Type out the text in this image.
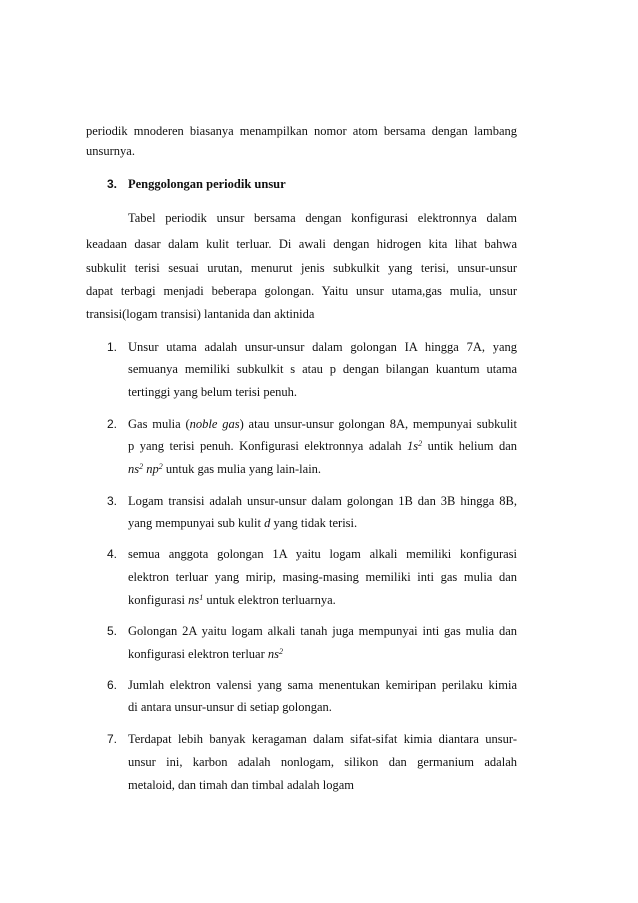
periodik mnoderen biasanya menampilkan nomor atom bersama dengan lambang
unsurnya.
3. Penggolongan periodik unsur
Tabel periodik unsur bersama dengan konfigurasi elektronnya dalam
keadaan dasar dalam kulit terluar. Di awali dengan hidrogen kita lihat bahwa
subkulit terisi sesuai urutan, menurut jenis subkulkit yang terisi, unsur-unsur
dapat terbagi menjadi beberapa golongan. Yaitu unsur utama,gas mulia, unsur
transisi(logam transisi) lantanida dan aktinida
1. Unsur utama adalah unsur-unsur dalam golongan IA hingga 7A, yang
semuanya memiliki subkulkit s atau p dengan bilangan kuantum utama
tertinggi yang belum terisi penuh.
2. Gas mulia (noble gas) atau unsur-unsur golongan 8A, mempunyai subkulit
p yang terisi penuh. Konfigurasi elektronnya adalah $1s^2$ untik helium dan
$ns^2$ $np^2$ untuk gas mulia yang lain-lain.
3. Logam transisi adalah unsur-unsur dalam golongan 1B dan 3B hingga 8B,
yang mempunyai sub kulit d yang tidak terisi.
4. semua anggota golongan 1A yaitu logam alkali memiliki konfigurasi
elektron terluar yang mirip, masing-masing memiliki inti gas mulia dan
konfigurasi $ns^1$ untuk elektron terluarnya.
5. Golongan 2A yaitu logam alkali tanah juga mempunyai inti gas mulia dan
konfigurasi elektron terluar $ns^2$
6. Jumlah elektron valensi yang sama menentukan kemiripan perilaku kimia
di antara unsur-unsur di setiap golongan.
7. Terdapat lebih banyak keragaman dalam sifat-sifat kimia diantara unsur-
unsur ini, karbon adalah nonlogam, silikon dan germanium adalah
metaloid, dan timah dan timbal adalah logam
